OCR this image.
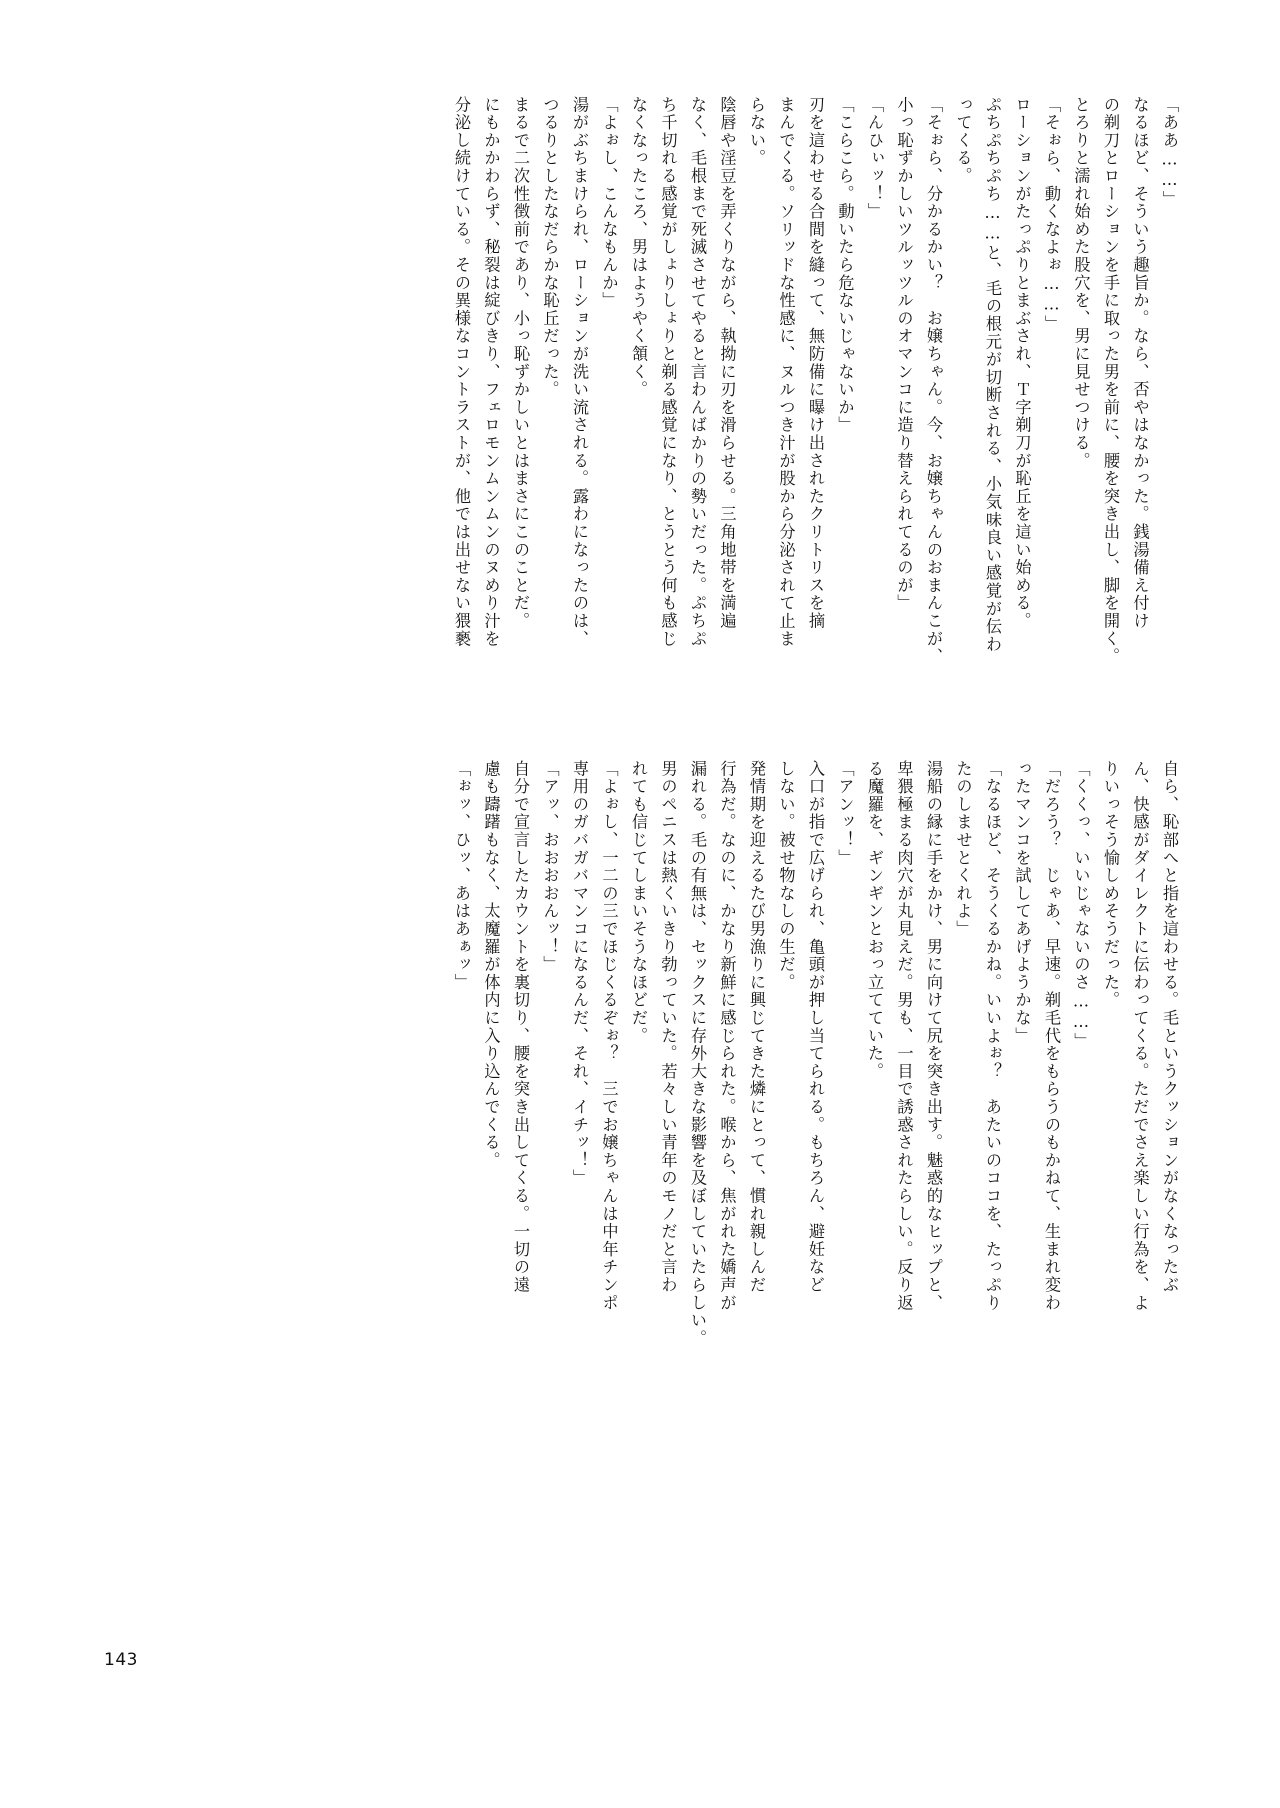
「ああ……」
なるほど、そういう趣旨か。なら、否やはなかった。銭湯備え付け
の剃刀とローションを手に取った男を前に、腰を突き出し、脚を開く。
とろりと濡れ始めた股穴を、男に見せつける。
「そぉら、動くなよぉ……」
ローションがたっぷりとまぶされ、Ｔ字剃刀が恥丘を這い始める。
ぷちぷちぷち……と、毛の根元が切断される、小気味良い感覚が伝わ
ってくる。
「そぉら、分かるかい？　お嬢ちゃん。今、お嬢ちゃんのおまんこが、
小っ恥ずかしいツルッツルのオマンコに造り替えられてるのが」
「んひぃッ！」
「こらこら。動いたら危ないじゃないか」
刃を這わせる合間を縫って、無防備に曝け出されたクリトリスを摘
まんでくる。ソリッドな性感に、ヌルつき汁が股から分泌されて止ま
らない。
陰唇や淫豆を弄くりながら、執拗に刃を滑らせる。三角地帯を満遍
なく、毛根まで死滅させてやると言わんばかりの勢いだった。ぷちぷ
ち千切れる感覚がしょりしょりと剃る感覚になり、とうとう何も感じ
なくなったころ、男はようやく頷く。
「よぉし、こんなもんか」
湯がぶちまけられ、ローションが洗い流される。露わになったのは、
つるりとしたなだらかな恥丘だった。
まるで二次性徴前であり、小っ恥ずかしいとはまさにこのことだ。
にもかかわらず、秘裂は綻びきり、フェロモンムンムンのヌめり汁を
分泌し続けている。その異様なコントラストが、他では出せない猥褻
自ら、恥部へと指を這わせる。毛というクッションがなくなったぶ
ん、快感がダイレクトに伝わってくる。ただでさえ楽しい行為を、よ
りいっそう愉しめそうだった。
「くくっ、いいじゃないのさ……」
「だろう？　じゃあ、早速。剃毛代をもらうのもかねて、生まれ変わ
ったマンコを試してあげようかな」
「なるほど、そうくるかね。いいよぉ？　あたいのココを、たっぷり
たのしませとくれよ」
湯船の縁に手をかけ、男に向けて尻を突き出す。魅惑的なヒップと、
卑猥極まる肉穴が丸見えだ。男も、一目で誘惑されたらしい。反り返
る魔羅を、ギンギンとおっ立てていた。
「アンッ！」
入口が指で広げられ、亀頭が押し当てられる。もちろん、避妊など
しない。被せ物なしの生だ。
発情期を迎えるたび男漁りに興じてきた燐にとって、慣れ親しんだ
行為だ。なのに、かなり新鮮に感じられた。喉から、焦がれた嬌声が
漏れる。毛の有無は、セックスに存外大きな影響を及ぼしていたらしい。
男のペニスは熱くいきり勃っていた。若々しい青年のモノだと言わ
れても信じてしまいそうなほどだ。
「よぉし、一二の三でほじくるぞぉ？　三でお嬢ちゃんは中年チンポ
専用のガバガバマンコになるんだ、それ、イチッ！」
「アッ、おおおおんッ！」
自分で宣言したカウントを裏切り、腰を突き出してくる。一切の遠
慮も躊躇もなく、太魔羅が体内に入り込んでくる。
「ぉッ、ひッ、あはあぁッ」
143
